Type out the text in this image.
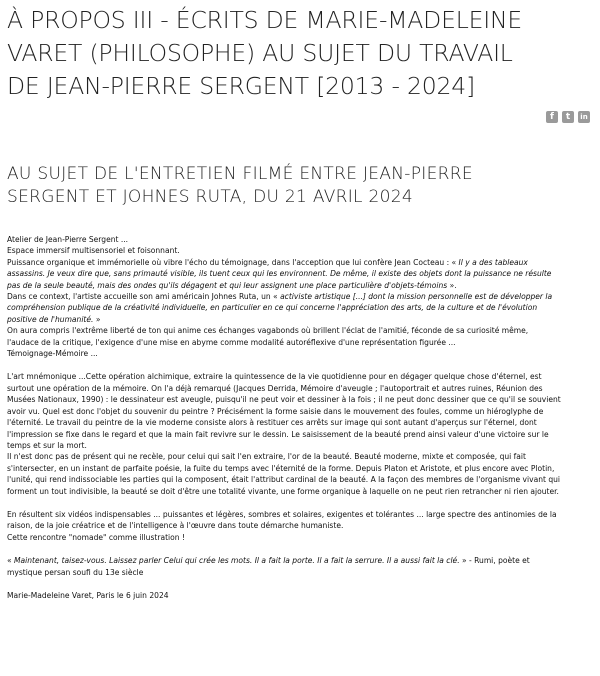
À PROPOS III - ÉCRITS DE MARIE-MADELEINE
VARET (PHILOSOPHE) AU SUJET DU TRAVAIL
DE JEAN-PIERRE SERGENT [2013 - 2024]
f	t	in
AU SUJET DE L'ENTRETIEN FILMÉ ENTRE JEAN-PIERRE
SERGENT ET JOHNES RUTA, DU 21 AVRIL 2024
Atelier de Jean-Pierre Sergent ...
Espace immersif multisensoriel et foisonnant.
Puissance organique et immémorielle où vibre l'écho du témoignage, dans l'acception que lui confère Jean Cocteau : « Il y a des tableaux
assassins. Je veux dire que, sans primauté visible, ils tuent ceux qui les environnent. De même, il existe des objets dont la puissance ne résulte
pas de la seule beauté, mais des ondes qu'ils dégagent et qui leur assignent une place particulière d'objets-témoins ».
Dans ce context, l'artiste accueille son ami américain Johnes Ruta, un « activiste artistique [...] dont la mission personnelle est de développer la
compréhension publique de la créativité individuelle, en particulier en ce qui concerne l'appréciation des arts, de la culture et de l'évolution
positive de l'humanité. »
On aura compris l'extrême liberté de ton qui anime ces échanges vagabonds où brillent l'éclat de l'amitié, féconde de sa curiosité même,
l'audace de la critique, l'exigence d'une mise en abyme comme modalité autoréflexive d'une représentation figurée ...
Témoignage-Mémoire ...
L'art mnémonique ...Cette opération alchimique, extraire la quintessence de la vie quotidienne pour en dégager quelque chose d'éternel, est
surtout une opération de la mémoire. On l'a déjà remarqué (Jacques Derrida, Mémoire d'aveugle ; l'autoportrait et autres ruines, Réunion des
Musées Nationaux, 1990) : le dessinateur est aveugle, puisqu'il ne peut voir et dessiner à la fois ; il ne peut donc dessiner que ce qu'il se souvient
avoir vu. Quel est donc l'objet du souvenir du peintre ? Précisément la forme saisie dans le mouvement des foules, comme un hiéroglyphe de
l'éternité. Le travail du peintre de la vie moderne consiste alors à restituer ces arrêts sur image qui sont autant d'aperçus sur l'éternel, dont
l'impression se fixe dans le regard et que la main fait revivre sur le dessin. Le saisissement de la beauté prend ainsi valeur d'une victoire sur le
temps et sur la mort.
Il n'est donc pas de présent qui ne recèle, pour celui qui sait l'en extraire, l'or de la beauté. Beauté moderne, mixte et composée, qui fait
s'intersecter, en un instant de parfaite poésie, la fuite du temps avec l'éternité de la forme. Depuis Platon et Aristote, et plus encore avec Plotin,
l'unité, qui rend indissociable les parties qui la composent, était l'attribut cardinal de la beauté. A la façon des membres de l'organisme vivant qui
forment un tout indivisible, la beauté se doit d'être une totalité vivante, une forme organique à laquelle on ne peut rien retrancher ni rien ajouter.
En résultent six vidéos indispensables ... puissantes et légères, sombres et solaires, exigentes et tolérantes ... large spectre des antinomies de la
raison, de la joie créatrice et de l'intelligence à l'œuvre dans toute démarche humaniste.
Cette rencontre "nomade" comme illustration !
« Maintenant, taisez-vous. Laissez parler Celui qui crée les mots. Il a fait la porte. Il a fait la serrure. Il a aussi fait la clé. » - Rumi, poète et
mystique persan soufi du 13e siècle
Marie-Madeleine Varet, Paris le 6 juin 2024
